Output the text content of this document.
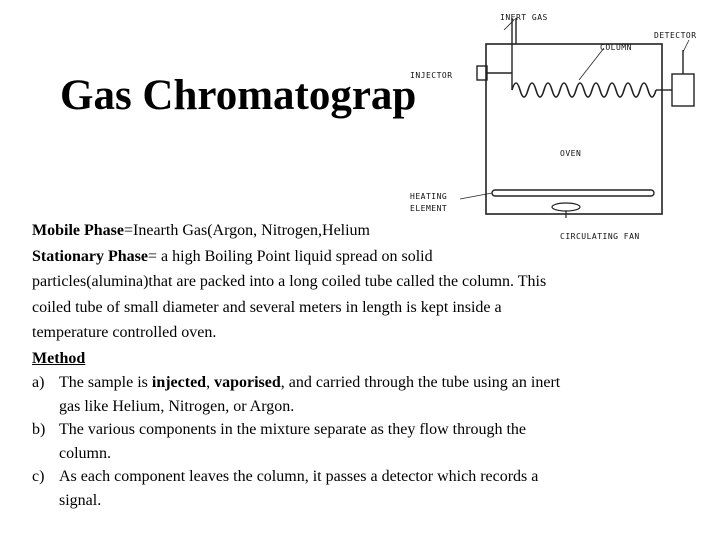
Gas Chromatograp
INERT GAS
COLUMN
DETECTOR
INJECTOR
OVEN
HEATING
ELEMENT
CIRCULATING FAN

Mobile Phase=Inearth Gas(Argon, Nitrogen,Helium

Stationary Phase= a high Boiling Point liquid spread on solid

particles(alumina)that are packed into a long coiled tube called the column. This

coiled tube of small diameter and several meters in length is kept inside a

temperature controlled oven.

Method

a) The sample is injected, vaporised, and carried through the tube using an inert
gas like Helium, Nitrogen, or Argon.
b) The various components in the mixture separate as they flow through the
column.
c) As each component leaves the column, it passes a detector which records a
signal.
